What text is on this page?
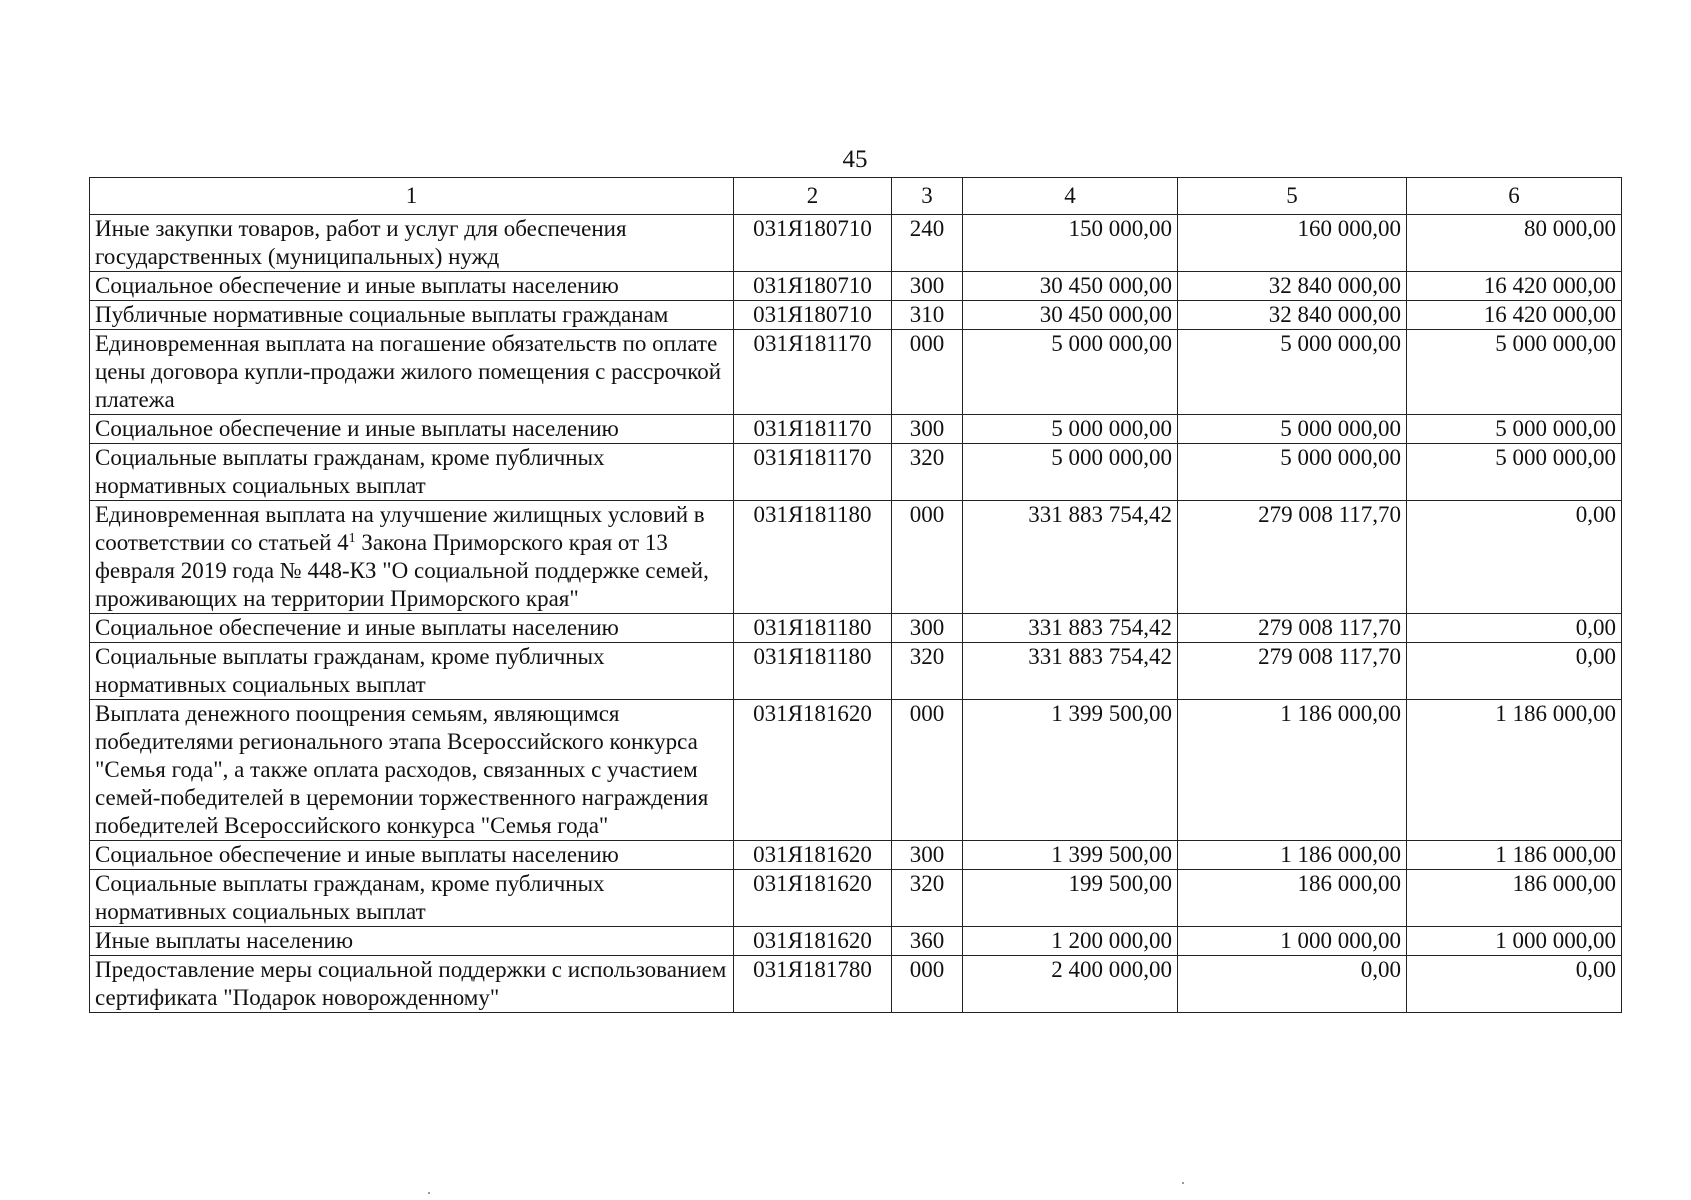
45
1	2	3	4	5	6
Иные закупки товаров, работ и услуг для обеспечения государственных (муниципальных) нужд	031Я180710	240	150 000,00	160 000,00	80 000,00
Социальное обеспечение и иные выплаты населению	031Я180710	300	30 450 000,00	32 840 000,00	16 420 000,00
Публичные нормативные социальные выплаты гражданам	031Я180710	310	30 450 000,00	32 840 000,00	16 420 000,00
Единовременная выплата на погашение обязательств по оплате цены договора купли-продажи жилого помещения с рассрочкой платежа	031Я181170	000	5 000 000,00	5 000 000,00	5 000 000,00
Социальное обеспечение и иные выплаты населению	031Я181170	300	5 000 000,00	5 000 000,00	5 000 000,00
Социальные выплаты гражданам, кроме публичных нормативных социальных выплат	031Я181170	320	5 000 000,00	5 000 000,00	5 000 000,00
Единовременная выплата на улучшение жилищных условий в соответствии со статьей $4^1$ Закона Приморского края от 13 февраля 2019 года № 448-КЗ "О социальной поддержке семей, проживающих на территории Приморского края"	031Я181180	000	331 883 754,42	279 008 117,70	0,00
Социальное обеспечение и иные выплаты населению	031Я181180	300	331 883 754,42	279 008 117,70	0,00
Социальные выплаты гражданам, кроме публичных нормативных социальных выплат	031Я181180	320	331 883 754,42	279 008 117,70	0,00
Выплата денежного поощрения семьям, являющимся победителями регионального этапа Всероссийского конкурса "Семья года", а также оплата расходов, связанных с участием семей-победителей в церемонии торжественного награждения победителей Всероссийского конкурса "Семья года"	031Я181620	000	1 399 500,00	1 186 000,00	1 186 000,00
Социальное обеспечение и иные выплаты населению	031Я181620	300	1 399 500,00	1 186 000,00	1 186 000,00
Социальные выплаты гражданам, кроме публичных нормативных социальных выплат	031Я181620	320	199 500,00	186 000,00	186 000,00
Иные выплаты населению	031Я181620	360	1 200 000,00	1 000 000,00	1 000 000,00
Предоставление меры социальной поддержки с использованием сертификата "Подарок новорожденному"	031Я181780	000	2 400 000,00	0,00	0,00
